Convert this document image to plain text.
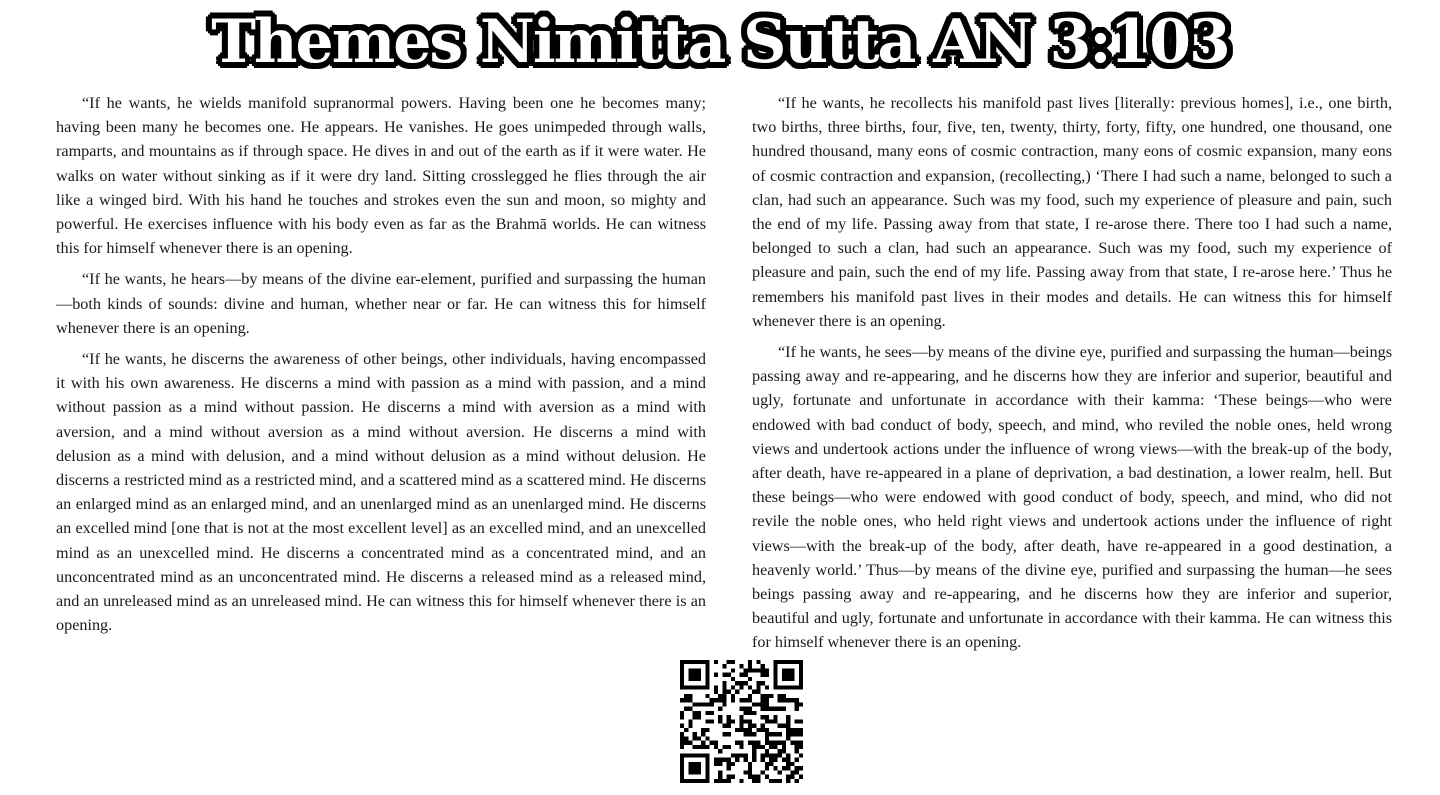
Themes Nimitta Sutta AN 3:103

“If he wants, he wields manifold supranormal powers. Having been one he becomes many; having been many he becomes one. He appears. He vanishes. He goes unimpeded through walls, ramparts, and mountains as if through space. He dives in and out of the earth as if it were water. He walks on water without sinking as if it were dry land. Sitting crosslegged he flies through the air like a winged bird. With his hand he touches and strokes even the sun and moon, so mighty and powerful. He exercises influence with his body even as far as the Brahmā worlds. He can witness this for himself whenever there is an opening.

“If he wants, he hears—by means of the divine ear-element, purified and surpassing the human—both kinds of sounds: divine and human, whether near or far. He can witness this for himself whenever there is an opening.

“If he wants, he discerns the awareness of other beings, other individuals, having encompassed it with his own awareness. He discerns a mind with passion as a mind with passion, and a mind without passion as a mind without passion. He discerns a mind with aversion as a mind with aversion, and a mind without aversion as a mind without aversion. He discerns a mind with delusion as a mind with delusion, and a mind without delusion as a mind without delusion. He discerns a restricted mind as a restricted mind, and a scattered mind as a scattered mind. He discerns an enlarged mind as an enlarged mind, and an unenlarged mind as an unenlarged mind. He discerns an excelled mind [one that is not at the most excellent level] as an excelled mind, and an unexcelled mind as an unexcelled mind. He discerns a concentrated mind as a concentrated mind, and an unconcentrated mind as an unconcentrated mind. He discerns a released mind as a released mind, and an unreleased mind as an unreleased mind. He can witness this for himself whenever there is an opening.

“If he wants, he recollects his manifold past lives [literally: previous homes], i.e., one birth, two births, three births, four, five, ten, twenty, thirty, forty, fifty, one hundred, one thousand, one hundred thousand, many eons of cosmic contraction, many eons of cosmic expansion, many eons of cosmic contraction and expansion, (recollecting,) ‘There I had such a name, belonged to such a clan, had such an appearance. Such was my food, such my experience of pleasure and pain, such the end of my life. Passing away from that state, I re-arose there. There too I had such a name, belonged to such a clan, had such an appearance. Such was my food, such my experience of pleasure and pain, such the end of my life. Passing away from that state, I re-arose here.’ Thus he remembers his manifold past lives in their modes and details. He can witness this for himself whenever there is an opening.

“If he wants, he sees—by means of the divine eye, purified and surpassing the human—beings passing away and re-appearing, and he discerns how they are inferior and superior, beautiful and ugly, fortunate and unfortunate in accordance with their kamma: ‘These beings—who were endowed with bad conduct of body, speech, and mind, who reviled the noble ones, held wrong views and undertook actions under the influence of wrong views—with the break-up of the body, after death, have re-appeared in a plane of deprivation, a bad destination, a lower realm, hell. But these beings—who were endowed with good conduct of body, speech, and mind, who did not revile the noble ones, who held right views and undertook actions under the influence of right views—with the break-up of the body, after death, have re-appeared in a good destination, a heavenly world.’ Thus—by means of the divine eye, purified and surpassing the human—he sees beings passing away and re-appearing, and he discerns how they are inferior and superior, beautiful and ugly, fortunate and unfortunate in accordance with their kamma. He can witness this for himself whenever there is an opening.
